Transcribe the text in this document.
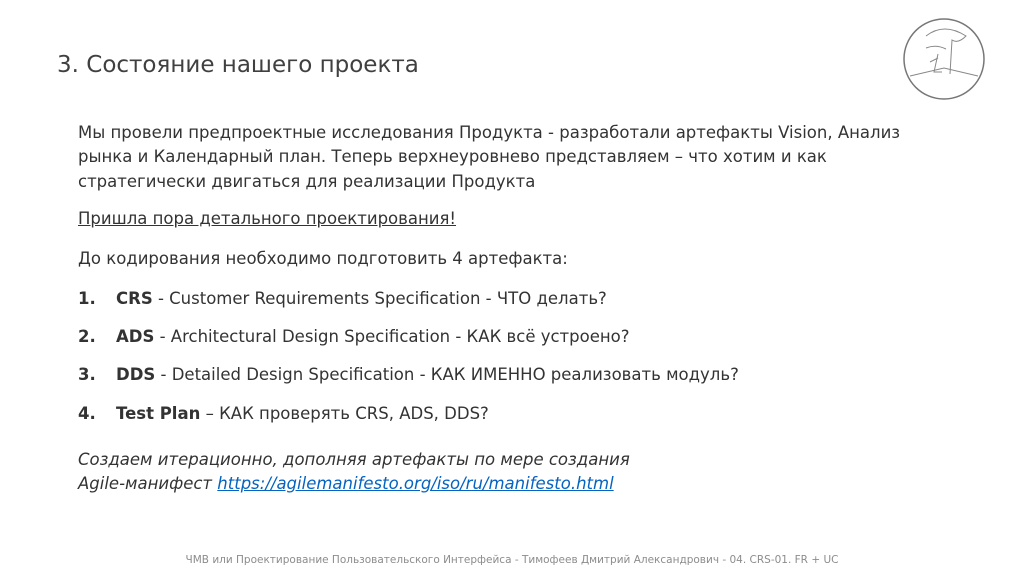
3. Состояние нашего проекта
Мы провели предпроектные исследования Продукта - разработали артефакты Vision, Анализ
рынка и Календарный план. Теперь верхнеуровнево представляем – что хотим и как
стратегически двигаться для реализации Продукта
Пришла пора детального проектирования!
До кодирования необходимо подготовить 4 артефакта:
1. CRS - Customer Requirements Specification - ЧТО делать?
2. ADS - Architectural Design Specification - КАК всё устроено?
3. DDS - Detailed Design Specification - КАК ИМЕННО реализовать модуль?
4. Test Plan – КАК проверять CRS, ADS, DDS?
Создаем итерационно, дополняя артефакты по мере создания
Agile-манифест https://agilemanifesto.org/iso/ru/manifesto.html
ЧМВ или Проектирование Пользовательского Интерфейса - Тимофеев Дмитрий Александрович - 04. CRS-01. FR + UC
